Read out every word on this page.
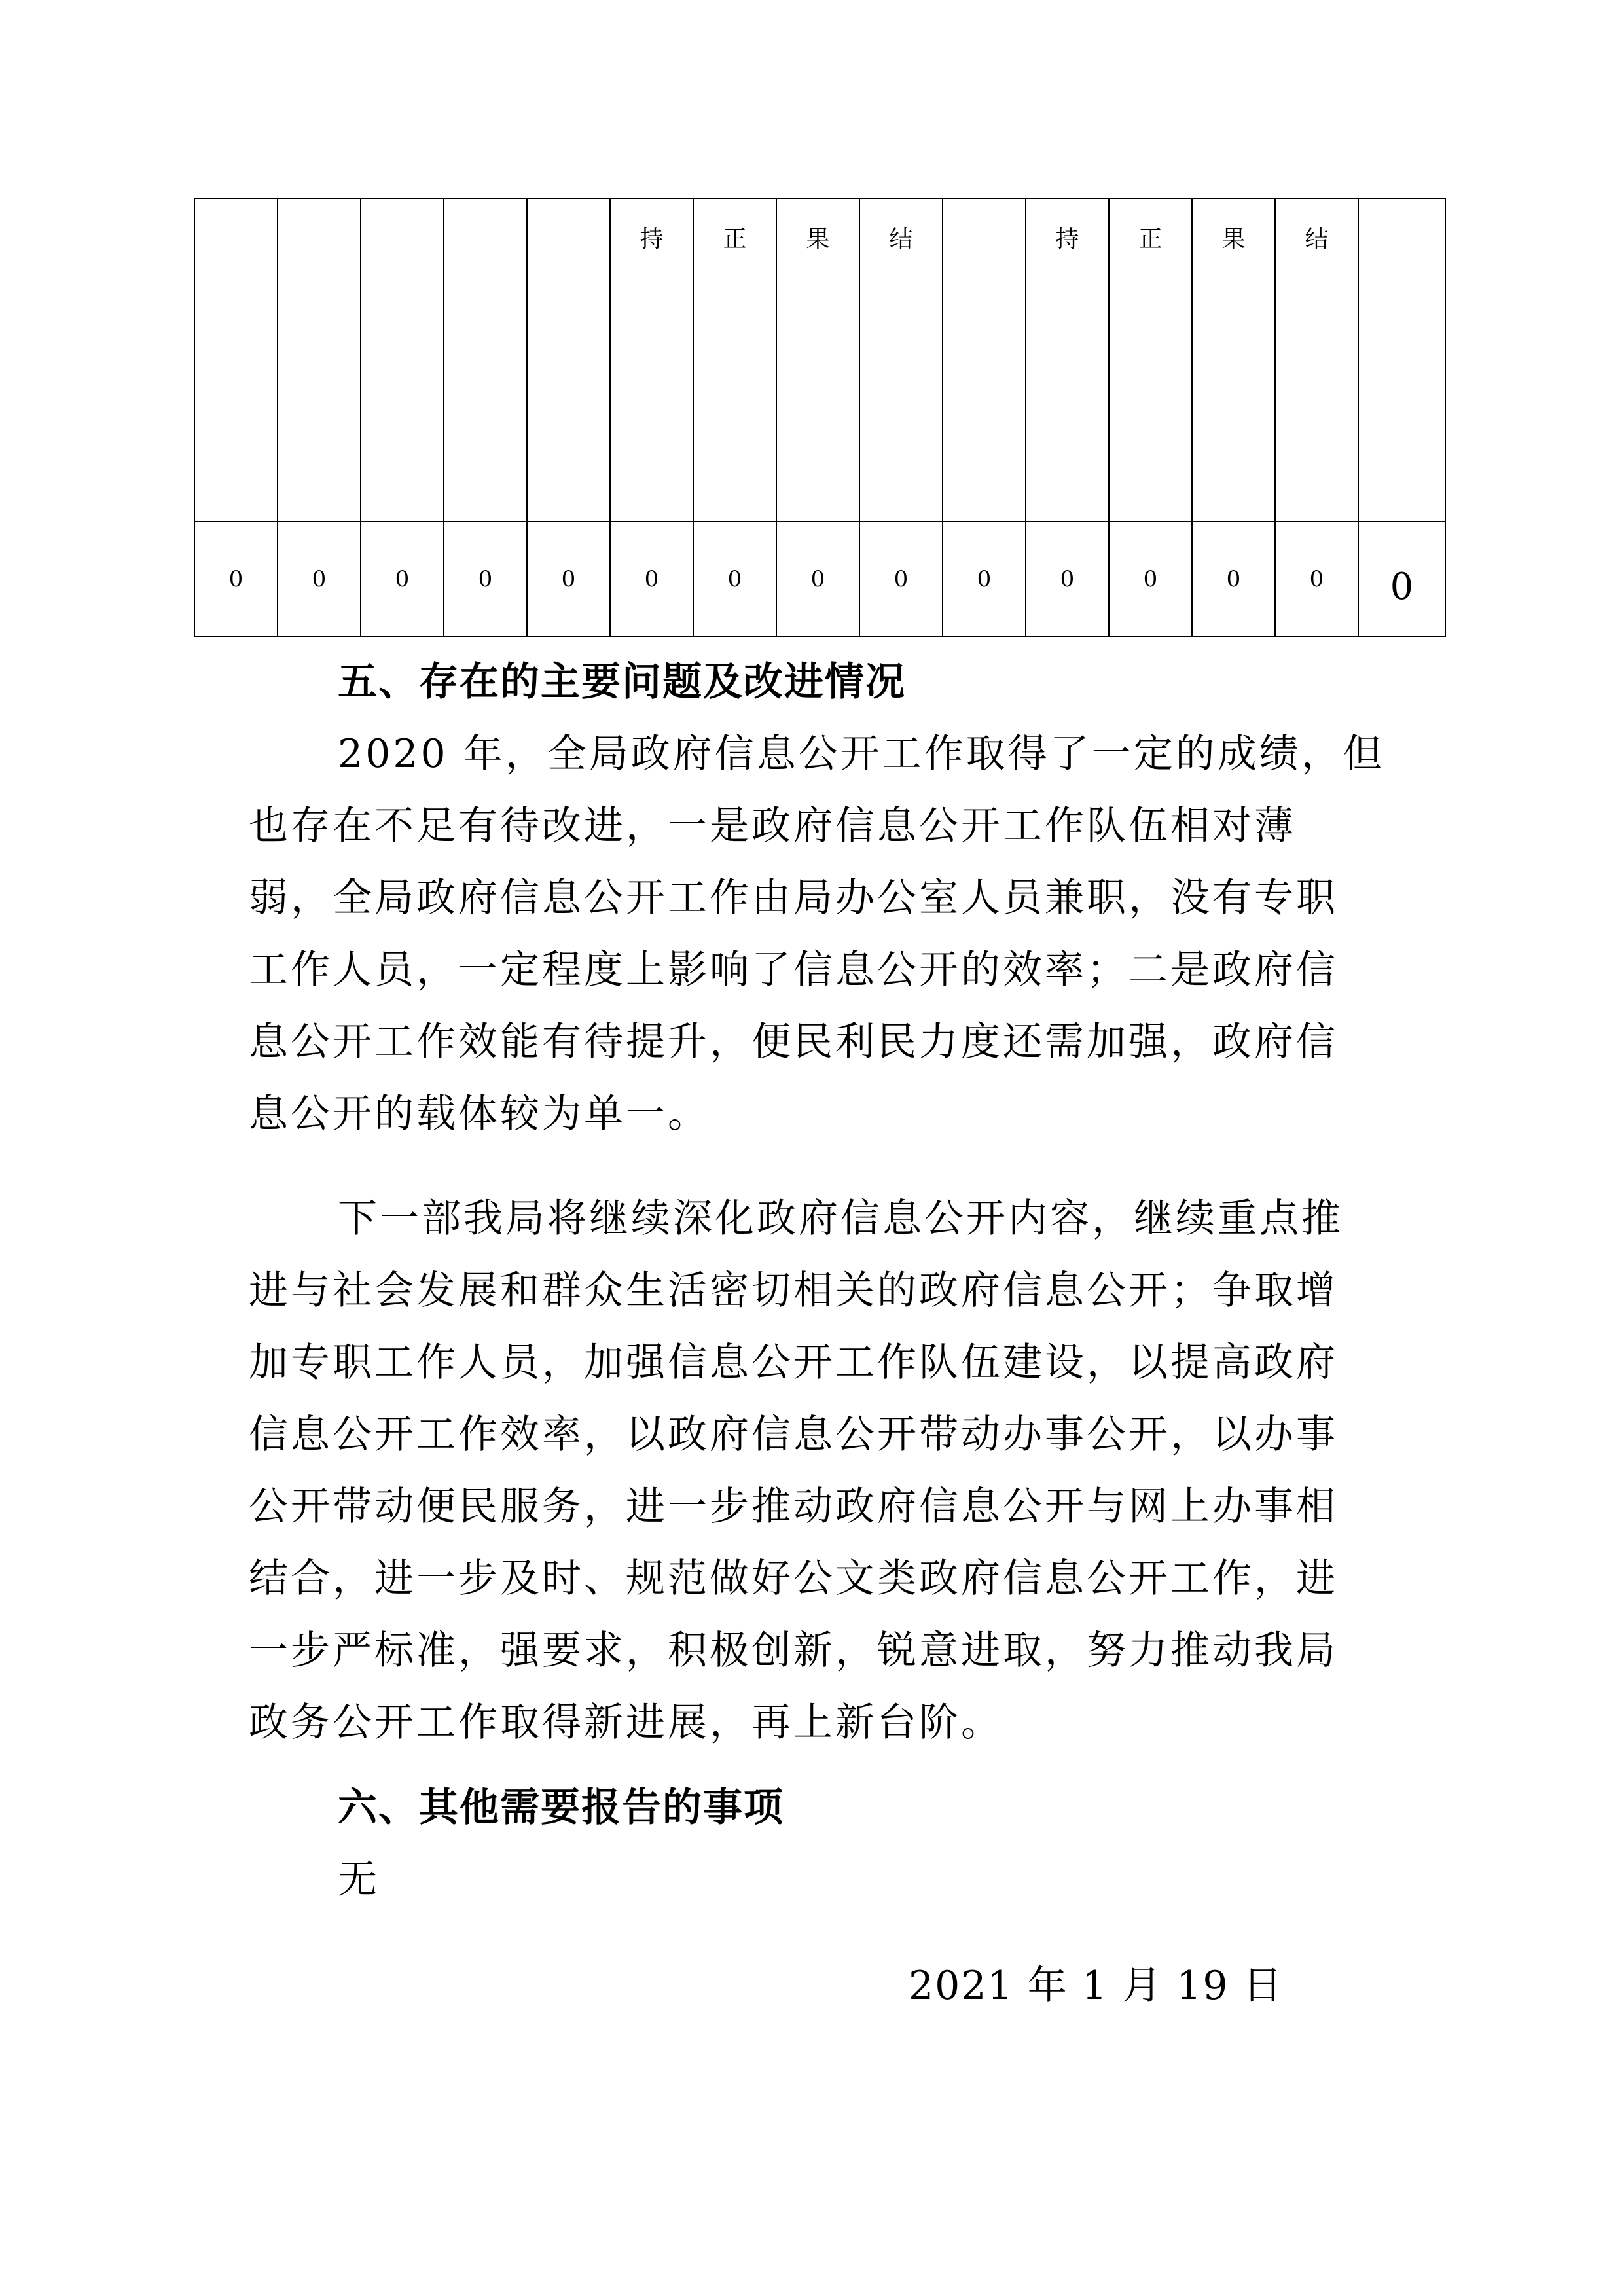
					持	正	果	结		持	正	果	结	

0	0	0	0	0	0	0	0	0	0	0	0	0	0	0

五、存在的主要问题及改进情况

2020 年，全局政府信息公开工作取得了一定的成绩，但

也存在不足有待改进，一是政府信息公开工作队伍相对薄

弱，全局政府信息公开工作由局办公室人员兼职，没有专职

工作人员，一定程度上影响了信息公开的效率；二是政府信

息公开工作效能有待提升，便民利民力度还需加强，政府信

息公开的载体较为单一。

下一部我局将继续深化政府信息公开内容，继续重点推

进与社会发展和群众生活密切相关的政府信息公开；争取增

加专职工作人员，加强信息公开工作队伍建设，以提高政府

信息公开工作效率，以政府信息公开带动办事公开，以办事

公开带动便民服务，进一步推动政府信息公开与网上办事相

结合，进一步及时、规范做好公文类政府信息公开工作，进

一步严标准，强要求，积极创新，锐意进取，努力推动我局

政务公开工作取得新进展，再上新台阶。

六、其他需要报告的事项

无

2021 年 1 月 19 日
